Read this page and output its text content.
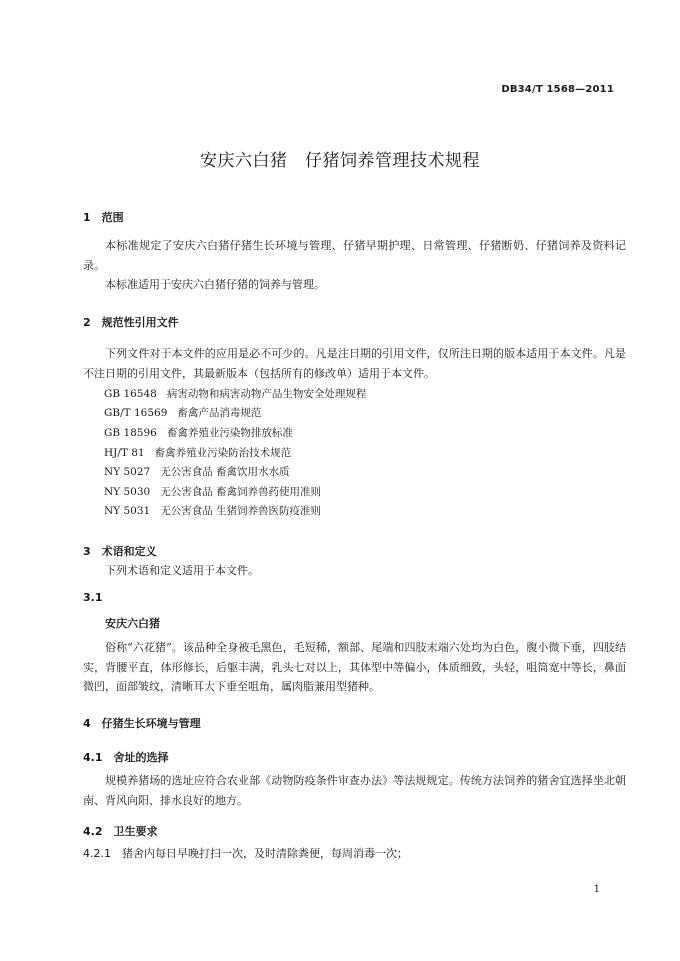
DB34/T 1568—2011
安庆六白猪　仔猪饲养管理技术规程
1　范围
本标准规定了安庆六白猪仔猪生长环境与管理、仔猪早期护理、日常管理、仔猪断奶、仔猪饲养及资料记录。
本标准适用于安庆六白猪仔猪的饲养与管理。
2　规范性引用文件
下列文件对于本文件的应用是必不可少的。凡是注日期的引用文件，仅所注日期的版本适用于本文件。凡是不注日期的引用文件，其最新版本（包括所有的修改单）适用于本文件。
GB 16548 病害动物和病害动物产品生物安全处理规程
GB/T 16569 畜禽产品消毒规范
GB 18596 畜禽养殖业污染物排放标准
HJ/T 81 畜禽养殖业污染防治技术规范
NY 5027 无公害食品 畜禽饮用水水质
NY 5030 无公害食品 畜禽饲养兽药使用准则
NY 5031 无公害食品 生猪饲养兽医防疫准则
3　术语和定义
下列术语和定义适用于本文件。
3.1
安庆六白猪
俗称“六花猪”。该品种全身被毛黑色，毛短稀，额部、尾端和四肢末端六处均为白色，腹小微下垂，四肢结实，背腰平直，体形修长，后躯丰满，乳头七对以上，其体型中等偏小，体质细致，头轻，咀筒宽中等长，鼻面微凹，面部皱纹，清晰耳大下垂至咀角，属肉脂兼用型猪种。
4　仔猪生长环境与管理
4.1　舍址的选择
规模养猪场的选址应符合农业部《动物防疫条件审查办法》等法规规定。传统方法饲养的猪舍宜选择坐北朝南、背风向阳、排水良好的地方。
4.2　卫生要求
4.2.1　猪舍内每日早晚打扫一次，及时清除粪便，每周消毒一次；
1
